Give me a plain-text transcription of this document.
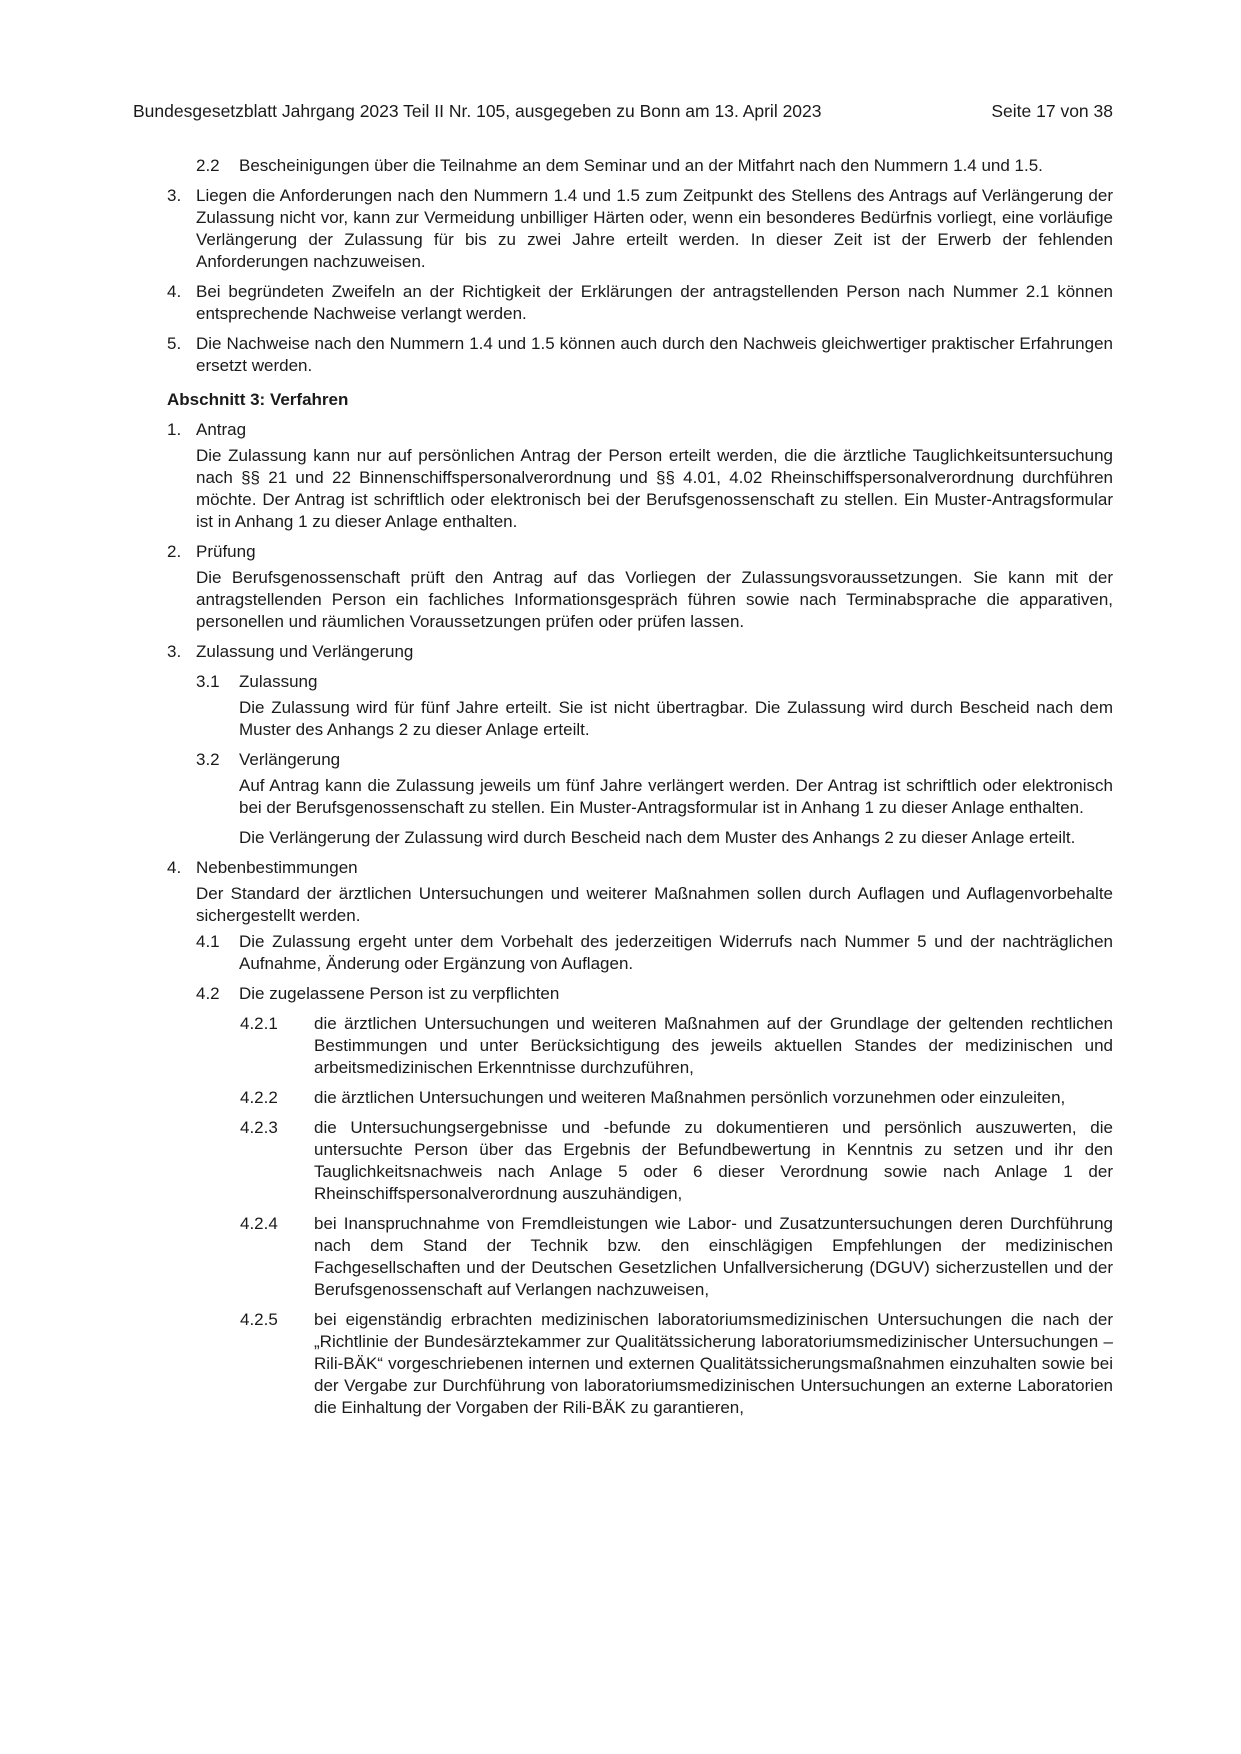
Bundesgesetzblatt Jahrgang 2023 Teil II Nr. 105, ausgegeben zu Bonn am 13. April 2023	Seite 17 von 38
2.2	Bescheinigungen über die Teilnahme an dem Seminar und an der Mitfahrt nach den Nummern 1.4 und 1.5.
3. Liegen die Anforderungen nach den Nummern 1.4 und 1.5 zum Zeitpunkt des Stellens des Antrags auf Verlängerung der Zulassung nicht vor, kann zur Vermeidung unbilliger Härten oder, wenn ein besonderes Bedürfnis vorliegt, eine vorläufige Verlängerung der Zulassung für bis zu zwei Jahre erteilt werden. In dieser Zeit ist der Erwerb der fehlenden Anforderungen nachzuweisen.
4. Bei begründeten Zweifeln an der Richtigkeit der Erklärungen der antragstellenden Person nach Nummer 2.1 können entsprechende Nachweise verlangt werden.
5. Die Nachweise nach den Nummern 1.4 und 1.5 können auch durch den Nachweis gleichwertiger praktischer Erfahrungen ersetzt werden.
Abschnitt 3: Verfahren
1. Antrag
Die Zulassung kann nur auf persönlichen Antrag der Person erteilt werden, die die ärztliche Tauglichkeitsuntersuchung nach §§ 21 und 22 Binnenschiffspersonalverordnung und §§ 4.01, 4.02 Rheinschiffspersonalverordnung durchführen möchte. Der Antrag ist schriftlich oder elektronisch bei der Berufsgenossenschaft zu stellen. Ein Muster-Antragsformular ist in Anhang 1 zu dieser Anlage enthalten.
2. Prüfung
Die Berufsgenossenschaft prüft den Antrag auf das Vorliegen der Zulassungsvoraussetzungen. Sie kann mit der antragstellenden Person ein fachliches Informationsgespräch führen sowie nach Terminabsprache die apparativen, personellen und räumlichen Voraussetzungen prüfen oder prüfen lassen.
3. Zulassung und Verlängerung
3.1	Zulassung
Die Zulassung wird für fünf Jahre erteilt. Sie ist nicht übertragbar. Die Zulassung wird durch Bescheid nach dem Muster des Anhangs 2 zu dieser Anlage erteilt.
3.2	Verlängerung
Auf Antrag kann die Zulassung jeweils um fünf Jahre verlängert werden. Der Antrag ist schriftlich oder elektronisch bei der Berufsgenossenschaft zu stellen. Ein Muster-Antragsformular ist in Anhang 1 zu dieser Anlage enthalten.
Die Verlängerung der Zulassung wird durch Bescheid nach dem Muster des Anhangs 2 zu dieser Anlage erteilt.
4. Nebenbestimmungen
Der Standard der ärztlichen Untersuchungen und weiterer Maßnahmen sollen durch Auflagen und Auflagenvorbehalte sichergestellt werden.
4.1	Die Zulassung ergeht unter dem Vorbehalt des jederzeitigen Widerrufs nach Nummer 5 und der nachträglichen Aufnahme, Änderung oder Ergänzung von Auflagen.
4.2	Die zugelassene Person ist zu verpflichten
4.2.1	die ärztlichen Untersuchungen und weiteren Maßnahmen auf der Grundlage der geltenden rechtlichen Bestimmungen und unter Berücksichtigung des jeweils aktuellen Standes der medizinischen und arbeitsmedizinischen Erkenntnisse durchzuführen,
4.2.2	die ärztlichen Untersuchungen und weiteren Maßnahmen persönlich vorzunehmen oder einzuleiten,
4.2.3	die Untersuchungsergebnisse und -befunde zu dokumentieren und persönlich auszuwerten, die untersuchte Person über das Ergebnis der Befundbewertung in Kenntnis zu setzen und ihr den Tauglichkeitsnachweis nach Anlage 5 oder 6 dieser Verordnung sowie nach Anlage 1 der Rheinschiffspersonalverordnung auszuhändigen,
4.2.4	bei Inanspruchnahme von Fremdleistungen wie Labor- und Zusatzuntersuchungen deren Durchführung nach dem Stand der Technik bzw. den einschlägigen Empfehlungen der medizinischen Fachgesellschaften und der Deutschen Gesetzlichen Unfallversicherung (DGUV) sicherzustellen und der Berufsgenossenschaft auf Verlangen nachzuweisen,
4.2.5	bei eigenständig erbrachten medizinischen laboratoriumsmedizinischen Untersuchungen die nach der „Richtlinie der Bundesärztekammer zur Qualitätssicherung laboratoriumsmedizinischer Untersuchungen – Rili-BÄK“ vorgeschriebenen internen und externen Qualitätssicherungsmaßnahmen einzuhalten sowie bei der Vergabe zur Durchführung von laboratoriumsmedizinischen Untersuchungen an externe Laboratorien die Einhaltung der Vorgaben der Rili-BÄK zu garantieren,
